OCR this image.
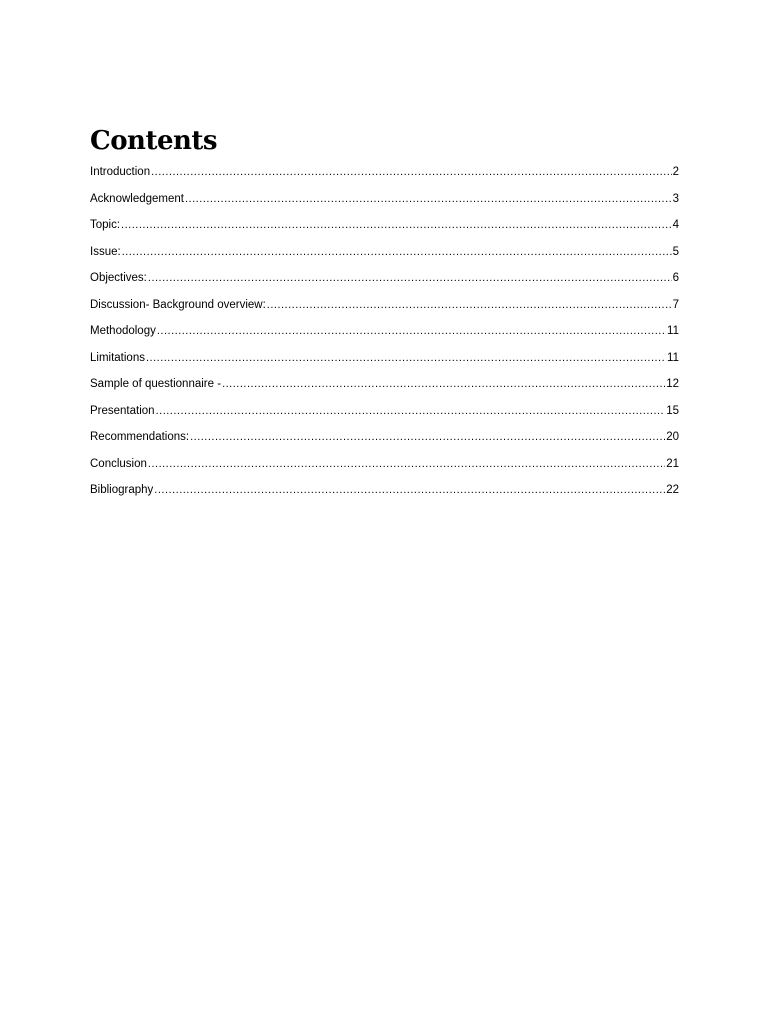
Contents
Introduction .....	2
Acknowledgement .....	3
Topic: .....	4
Issue: .....	5
Objectives: .....	6
Discussion- Background overview: .....	7
Methodology .....	11
Limitations .....	11
Sample of questionnaire - .....	12
Presentation .....	15
Recommendations: .....	20
Conclusion .....	21
Bibliography .....	22
